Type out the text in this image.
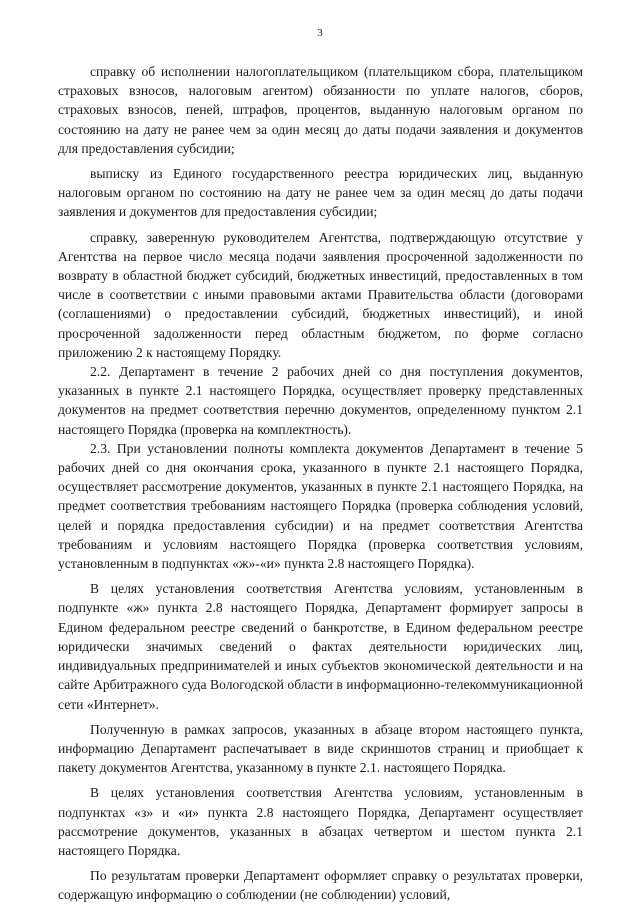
3

справку об исполнении налогоплательщиком (плательщиком сбора, плательщиком страховых взносов, налоговым агентом) обязанности по уплате налогов, сборов, страховых взносов, пеней, штрафов, процентов, выданную налоговым органом по состоянию на дату не ранее чем за один месяц до даты подачи заявления и документов для предоставления субсидии;

выписку из Единого государственного реестра юридических лиц, выданную налоговым органом по состоянию на дату не ранее чем за один месяц до даты подачи заявления и документов для предоставления субсидии;

справку, заверенную руководителем Агентства, подтверждающую отсутствие у Агентства на первое число месяца подачи заявления просроченной задолженности по возврату в областной бюджет субсидий, бюджетных инвестиций, предоставленных в том числе в соответствии с иными правовыми актами Правительства области (договорами (соглашениями) о предоставлении субсидий, бюджетных инвестиций), и иной просроченной задолженности перед областным бюджетом, по форме согласно приложению 2 к настоящему Порядку.

2.2. Департамент в течение 2 рабочих дней со дня поступления документов, указанных в пункте 2.1 настоящего Порядка, осуществляет проверку представленных документов на предмет соответствия перечню документов, определенному пунктом 2.1 настоящего Порядка (проверка на комплектность).

2.3. При установлении полноты комплекта документов Департамент в течение 5 рабочих дней со дня окончания срока, указанного в пункте 2.1 настоящего Порядка, осуществляет рассмотрение документов, указанных в пункте 2.1 настоящего Порядка, на предмет соответствия требованиям настоящего Порядка (проверка соблюдения условий, целей и порядка предоставления субсидии) и на предмет соответствия Агентства требованиям и условиям настоящего Порядка (проверка соответствия условиям, установленным в подпунктах «ж»-«и» пункта 2.8 настоящего Порядка).

В целях установления соответствия Агентства условиям, установленным в подпункте «ж» пункта 2.8 настоящего Порядка, Департамент формирует запросы в Едином федеральном реестре сведений о банкротстве, в Едином федеральном реестре юридически значимых сведений о фактах деятельности юридических лиц, индивидуальных предпринимателей и иных субъектов экономической деятельности и на сайте Арбитражного суда Вологодской области в информационно-телекоммуникационной сети «Интернет».

Полученную в рамках запросов, указанных в абзаце втором настоящего пункта, информацию Департамент распечатывает в виде скриншотов страниц и приобщает к пакету документов Агентства, указанному в пункте 2.1. настоящего Порядка.

В целях установления соответствия Агентства условиям, установленным в подпунктах «з» и «и» пункта 2.8 настоящего Порядка, Департамент осуществляет рассмотрение документов, указанных в абзацах четвертом и шестом пункта 2.1 настоящего Порядка.

По результатам проверки Департамент оформляет справку о результатах проверки, содержащую информацию о соблюдении (не соблюдении) условий,
